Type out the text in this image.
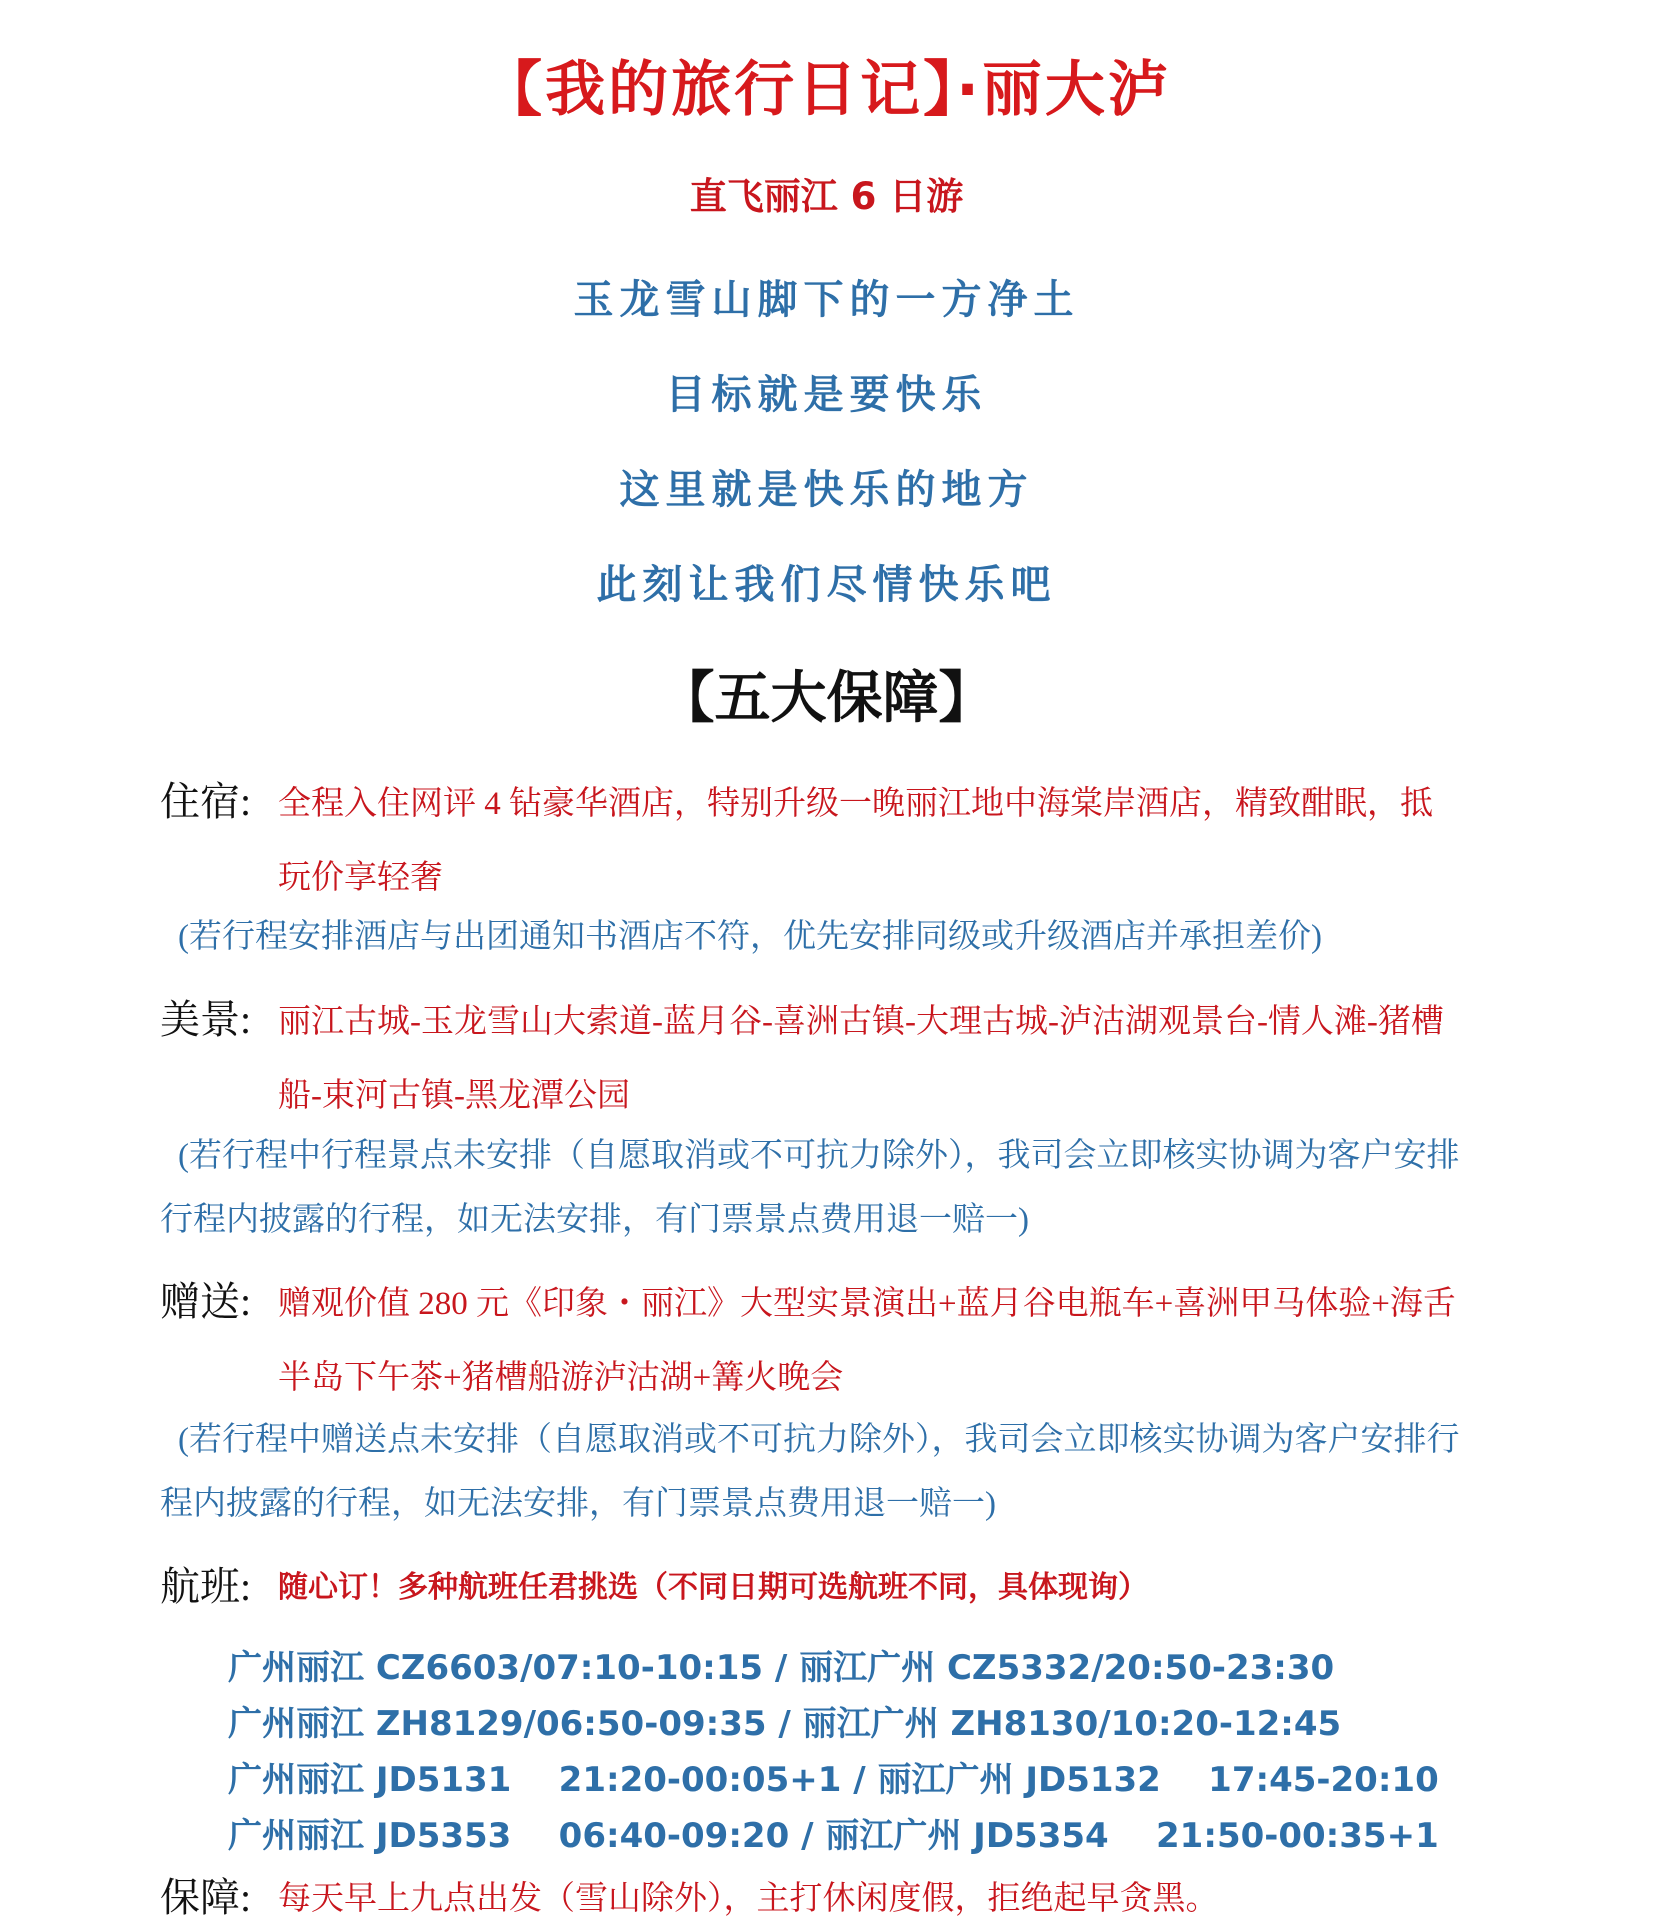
【我的旅行日记】·丽大泸
直飞丽江 6 日游
玉龙雪山脚下的一方净土
目标就是要快乐
这里就是快乐的地方
此刻让我们尽情快乐吧
【五大保障】
住宿: 全程入住网评 4 钻豪华酒店，特别升级一晚丽江地中海棠岸酒店，精致酣眠，抵玩价享轻奢
(若行程安排酒店与出团通知书酒店不符，优先安排同级或升级酒店并承担差价)
美景: 丽江古城-玉龙雪山大索道-蓝月谷-喜洲古镇-大理古城-泸沽湖观景台-情人滩-猪槽船-束河古镇-黑龙潭公园
(若行程中行程景点未安排（自愿取消或不可抗力除外），我司会立即核实协调为客户安排行程内披露的行程，如无法安排，有门票景点费用退一赔一)
赠送: 赠观价值 280 元《印象・丽江》大型实景演出+蓝月谷电瓶车+喜洲甲马体验+海舌半岛下午茶+猪槽船游泸沽湖+篝火晚会
(若行程中赠送点未安排（自愿取消或不可抗力除外），我司会立即核实协调为客户安排行程内披露的行程，如无法安排，有门票景点费用退一赔一)
航班: 随心订！多种航班任君挑选（不同日期可选航班不同，具体现询）
广州丽江 CZ6603/07:10-10:15 / 丽江广州 CZ5332/20:50-23:30
广州丽江 ZH8129/06:50-09:35 / 丽江广州 ZH8130/10:20-12:45
广州丽江 JD5131    21:20-00:05+1 / 丽江广州 JD5132    17:45-20:10
广州丽江 JD5353    06:40-09:20 / 丽江广州 JD5354    21:50-00:35+1
保障: 每天早上九点出发（雪山除外），主打休闲度假，拒绝起早贪黑。
